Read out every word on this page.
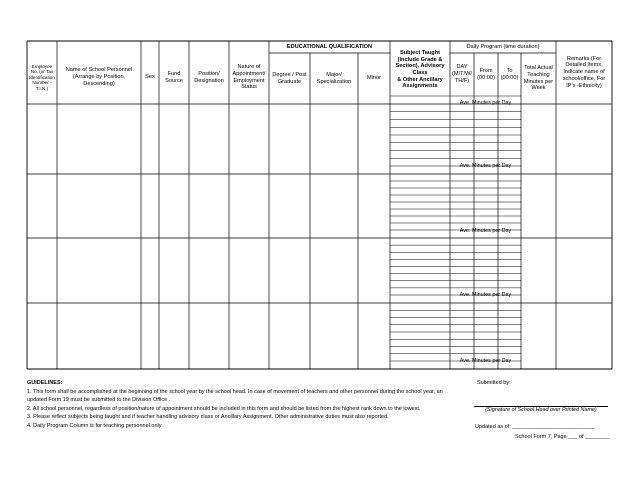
Employee
No. (or Tax
Identification
Number -
T.I.N.)
Name of School Personnel
(Arrange by Position, Descending)
Sex
Fund
Source
Position/
Designation
Nature of
Appointment/
Employment
Status
EDUCATIONAL QUALIFICATION
Degree / Post
Graduate
Major/
Specialization
Minor
Subject Taught
(include Grade &
Section), Advisory Class
& Other Ancillary
Assignments
Daily Program (time duration)
DAY
(M/T/W/
TH/F)
From
(00:00)
To
(00:00)
Total Actual
Teaching
Minutes per
Week
Remarks (For
Detailed Items,
Indicate name of
school/office, For
IP's -Ethnicity)
Ave. Minutes per Day
Ave. Minutes per Day
Ave. Minutes per Day
Ave. Minutes per Day
Ave. Minutes per Day
GUIDELINES:
1. This form shall be accomplished at the beginning of the school year by the school head. In case of movement of teachers and other personnel during the school year, an
updated Form 19 must be submitted to the Division Office .
2. All school personnel, regardless of position/nature of appointment should be included in this form and should be listed from the highest rank down to the lowest.
3. Please reflect subjects being taught and if teacher handling advisory class or Ancillary Assignment. Other administrative duties must also reported.
4. Daily Program Column is for teaching personnel only.
Submitted by:
(Signature of School Head over Printed Name)
Updated as of: ___________________________
School Form 7, Page ___ of ________
